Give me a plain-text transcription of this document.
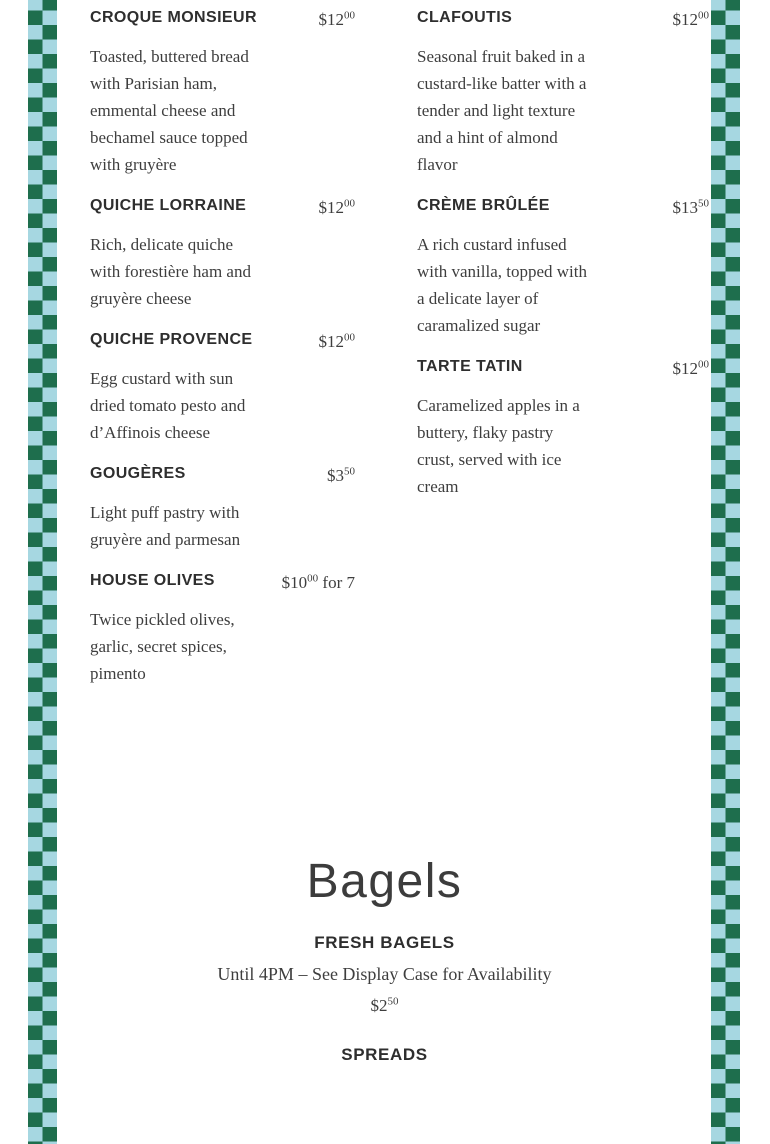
CROQUE MONSIEUR

Toasted, buttered bread with Parisian ham, emmental cheese and bechamel sauce topped with gruyère

$\$12^{00}$
QUICHE LORRAINE

Rich, delicate quiche with forestière ham and gruyère cheese

$\$12^{00}$
QUICHE PROVENCE

Egg custard with sun dried tomato pesto and d’Affinois cheese

$\$12^{00}$
GOUGÈRES

Light puff pastry with gruyère and parmesan

$\$3^{50}$
HOUSE OLIVES

Twice pickled olives, garlic, secret spices, pimento

$\$10^{00}$ for 7
CLAFOUTIS

Seasonal fruit baked in a custard-like batter with a tender and light texture and a hint of almond flavor

$\$12^{00}$
CRÈME BRÛLÉE

A rich custard infused with vanilla, topped with a delicate layer of caramalized sugar

$\$13^{50}$
TARTE TATIN

Caramelized apples in a buttery, flaky pastry crust, served with ice cream

$\$12^{00}$
Bagels
FRESH BAGELS

Until 4PM – See Display Case for Availability

$\$2^{50}$
SPREADS
